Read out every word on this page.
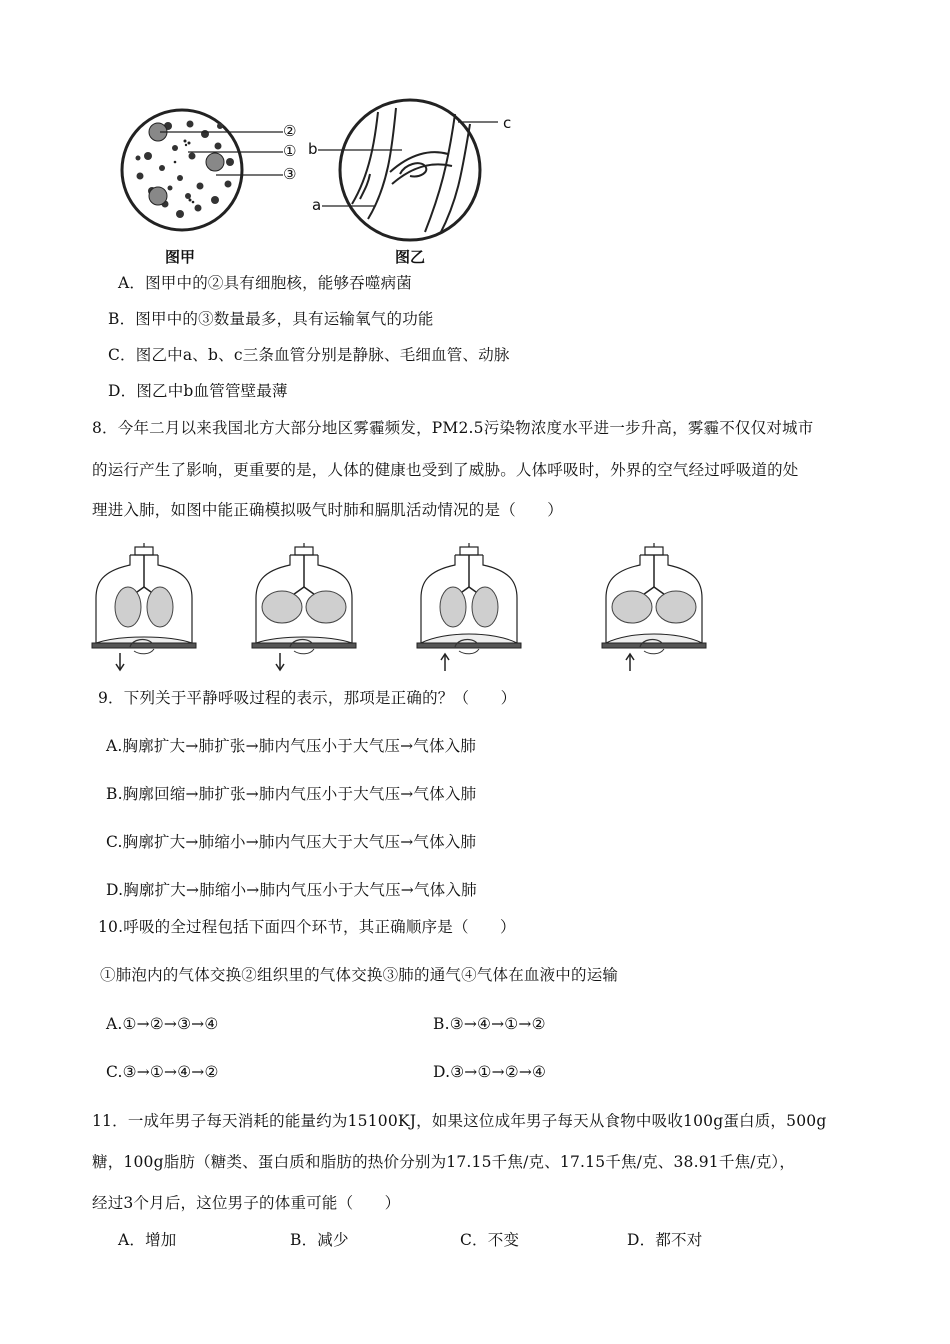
②
①
③
图甲
c
b
a
图乙
A．图甲中的②具有细胞核，能够吞噬病菌
B．图甲中的③数量最多，具有运输氧气的功能
C．图乙中a、b、c三条血管分别是静脉、毛细血管、动脉
D．图乙中b血管管壁最薄
8．今年二月以来我国北方大部分地区雾霾频发，PM2.5污染物浓度水平进一步升高，雾霾不仅仅对城市
的运行产生了影响，更重要的是，人体的健康也受到了威胁。人体呼吸时，外界的空气经过呼吸道的处
理进入肺，如图中能正确模拟吸气时肺和膈肌活动情况的是（　　）
9．下列关于平静呼吸过程的表示，那项是正确的？（　　）
A.胸廓扩大→肺扩张→肺内气压小于大气压→气体入肺
B.胸廓回缩→肺扩张→肺内气压小于大气压→气体入肺
C.胸廓扩大→肺缩小→肺内气压大于大气压→气体入肺
D.胸廓扩大→肺缩小→肺内气压小于大气压→气体入肺
10.呼吸的全过程包括下面四个环节，其正确顺序是（　　）
①肺泡内的气体交换②组织里的气体交换③肺的通气④气体在血液中的运输
A.①→②→③→④	B.③→④→①→②
C.③→①→④→②	D.③→①→②→④
11．一成年男子每天消耗的能量约为15100KJ，如果这位成年男子每天从食物中吸收100g蛋白质，500g
糖，100g脂肪（糖类、蛋白质和脂肪的热价分别为17.15千焦/克、17.15千焦/克、38.91千焦/克），
经过3个月后，这位男子的体重可能（　　）
A．增加	B．减少	C．不变	D．都不对
